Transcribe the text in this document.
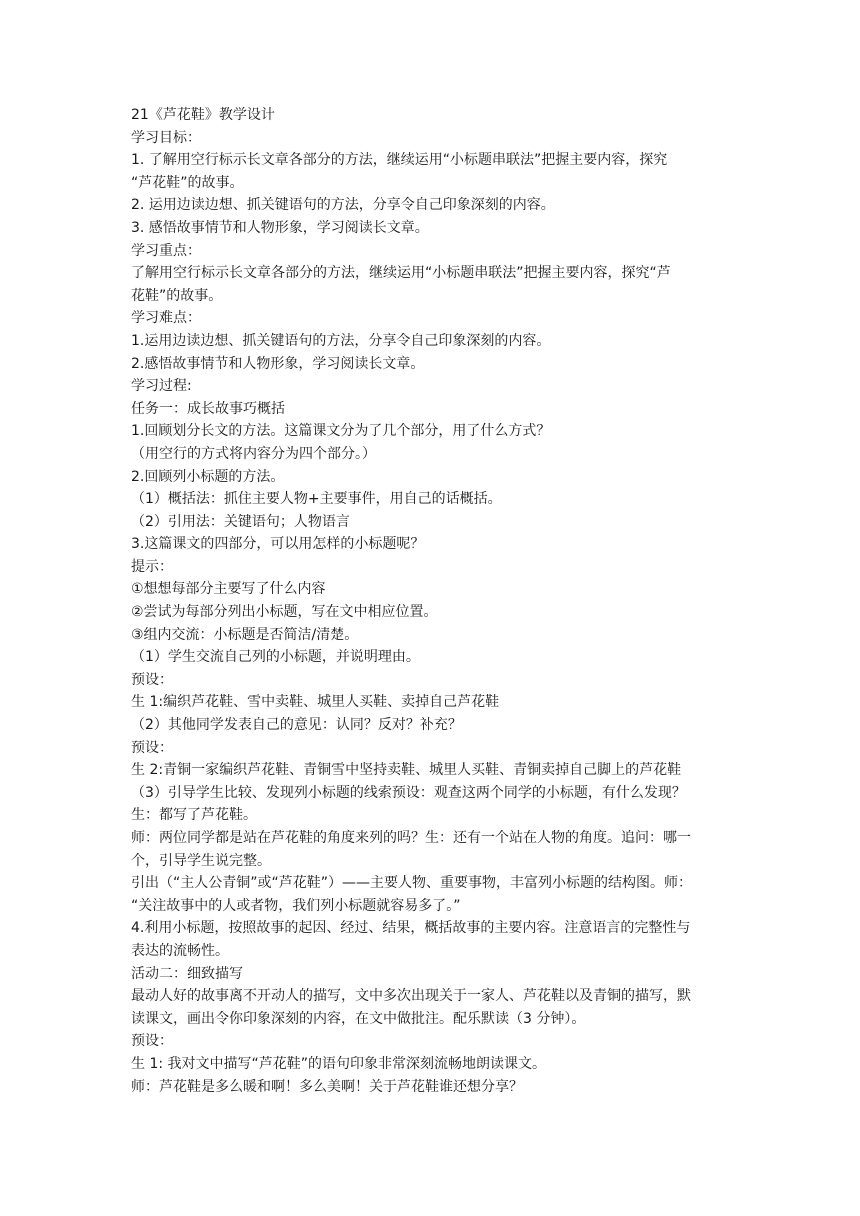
21《芦花鞋》教学设计
学习目标：
1. 了解用空行标示长文章各部分的方法，继续运用“小标题串联法”把握主要内容，探究
“芦花鞋”的故事。
2. 运用边读边想、抓关键语句的方法，分享令自己印象深刻的内容。
3. 感悟故事情节和人物形象，学习阅读长文章。
学习重点：
了解用空行标示长文章各部分的方法，继续运用“小标题串联法”把握主要内容，探究“芦
花鞋”的故事。
学习难点：
1.运用边读边想、抓关键语句的方法，分享令自己印象深刻的内容。
2.感悟故事情节和人物形象，学习阅读长文章。
学习过程:
任务一：成长故事巧概括
1.回顾划分长文的方法。这篇课文分为了几个部分，用了什么方式？
（用空行的方式将内容分为四个部分。）
2.回顾列小标题的方法。
（1）概括法：抓住主要人物+主要事件，用自己的话概括。
（2）引用法：关键语句；人物语言
3.这篇课文的四部分，可以用怎样的小标题呢？
提示：
①想想每部分主要写了什么内容
②尝试为每部分列出小标题，写在文中相应位置。
③组内交流：小标题是否简洁/清楚。
（1）学生交流自己列的小标题，并说明理由。
预设：
生 1:编织芦花鞋、雪中卖鞋、城里人买鞋、卖掉自己芦花鞋
（2）其他同学发表自己的意见：认同？反对？补充？
预设：
生 2:青铜一家编织芦花鞋、青铜雪中坚持卖鞋、城里人买鞋、青铜卖掉自己脚上的芦花鞋
（3）引导学生比较、发现列小标题的线索预设：观查这两个同学的小标题，有什么发现？
生：都写了芦花鞋。
师：两位同学都是站在芦花鞋的角度来列的吗？生：还有一个站在人物的角度。追问：哪一
个，引导学生说完整。
引出（“主人公青铜”或“芦花鞋”）——主要人物、重要事物，丰富列小标题的结构图。师：
“关注故事中的人或者物，我们列小标题就容易多了。”
4.利用小标题，按照故事的起因、经过、结果，概括故事的主要内容。注意语言的完整性与
表达的流畅性。
活动二：细致描写
最动人好的故事离不开动人的描写，文中多次出现关于一家人、芦花鞋以及青铜的描写，默
读课文，画出令你印象深刻的内容，在文中做批注。配乐默读（3 分钟）。
预设：
生 1: 我对文中描写“芦花鞋”的语句印象非常深刻流畅地朗读课文。
师：芦花鞋是多么暖和啊！多么美啊！关于芦花鞋谁还想分享？
